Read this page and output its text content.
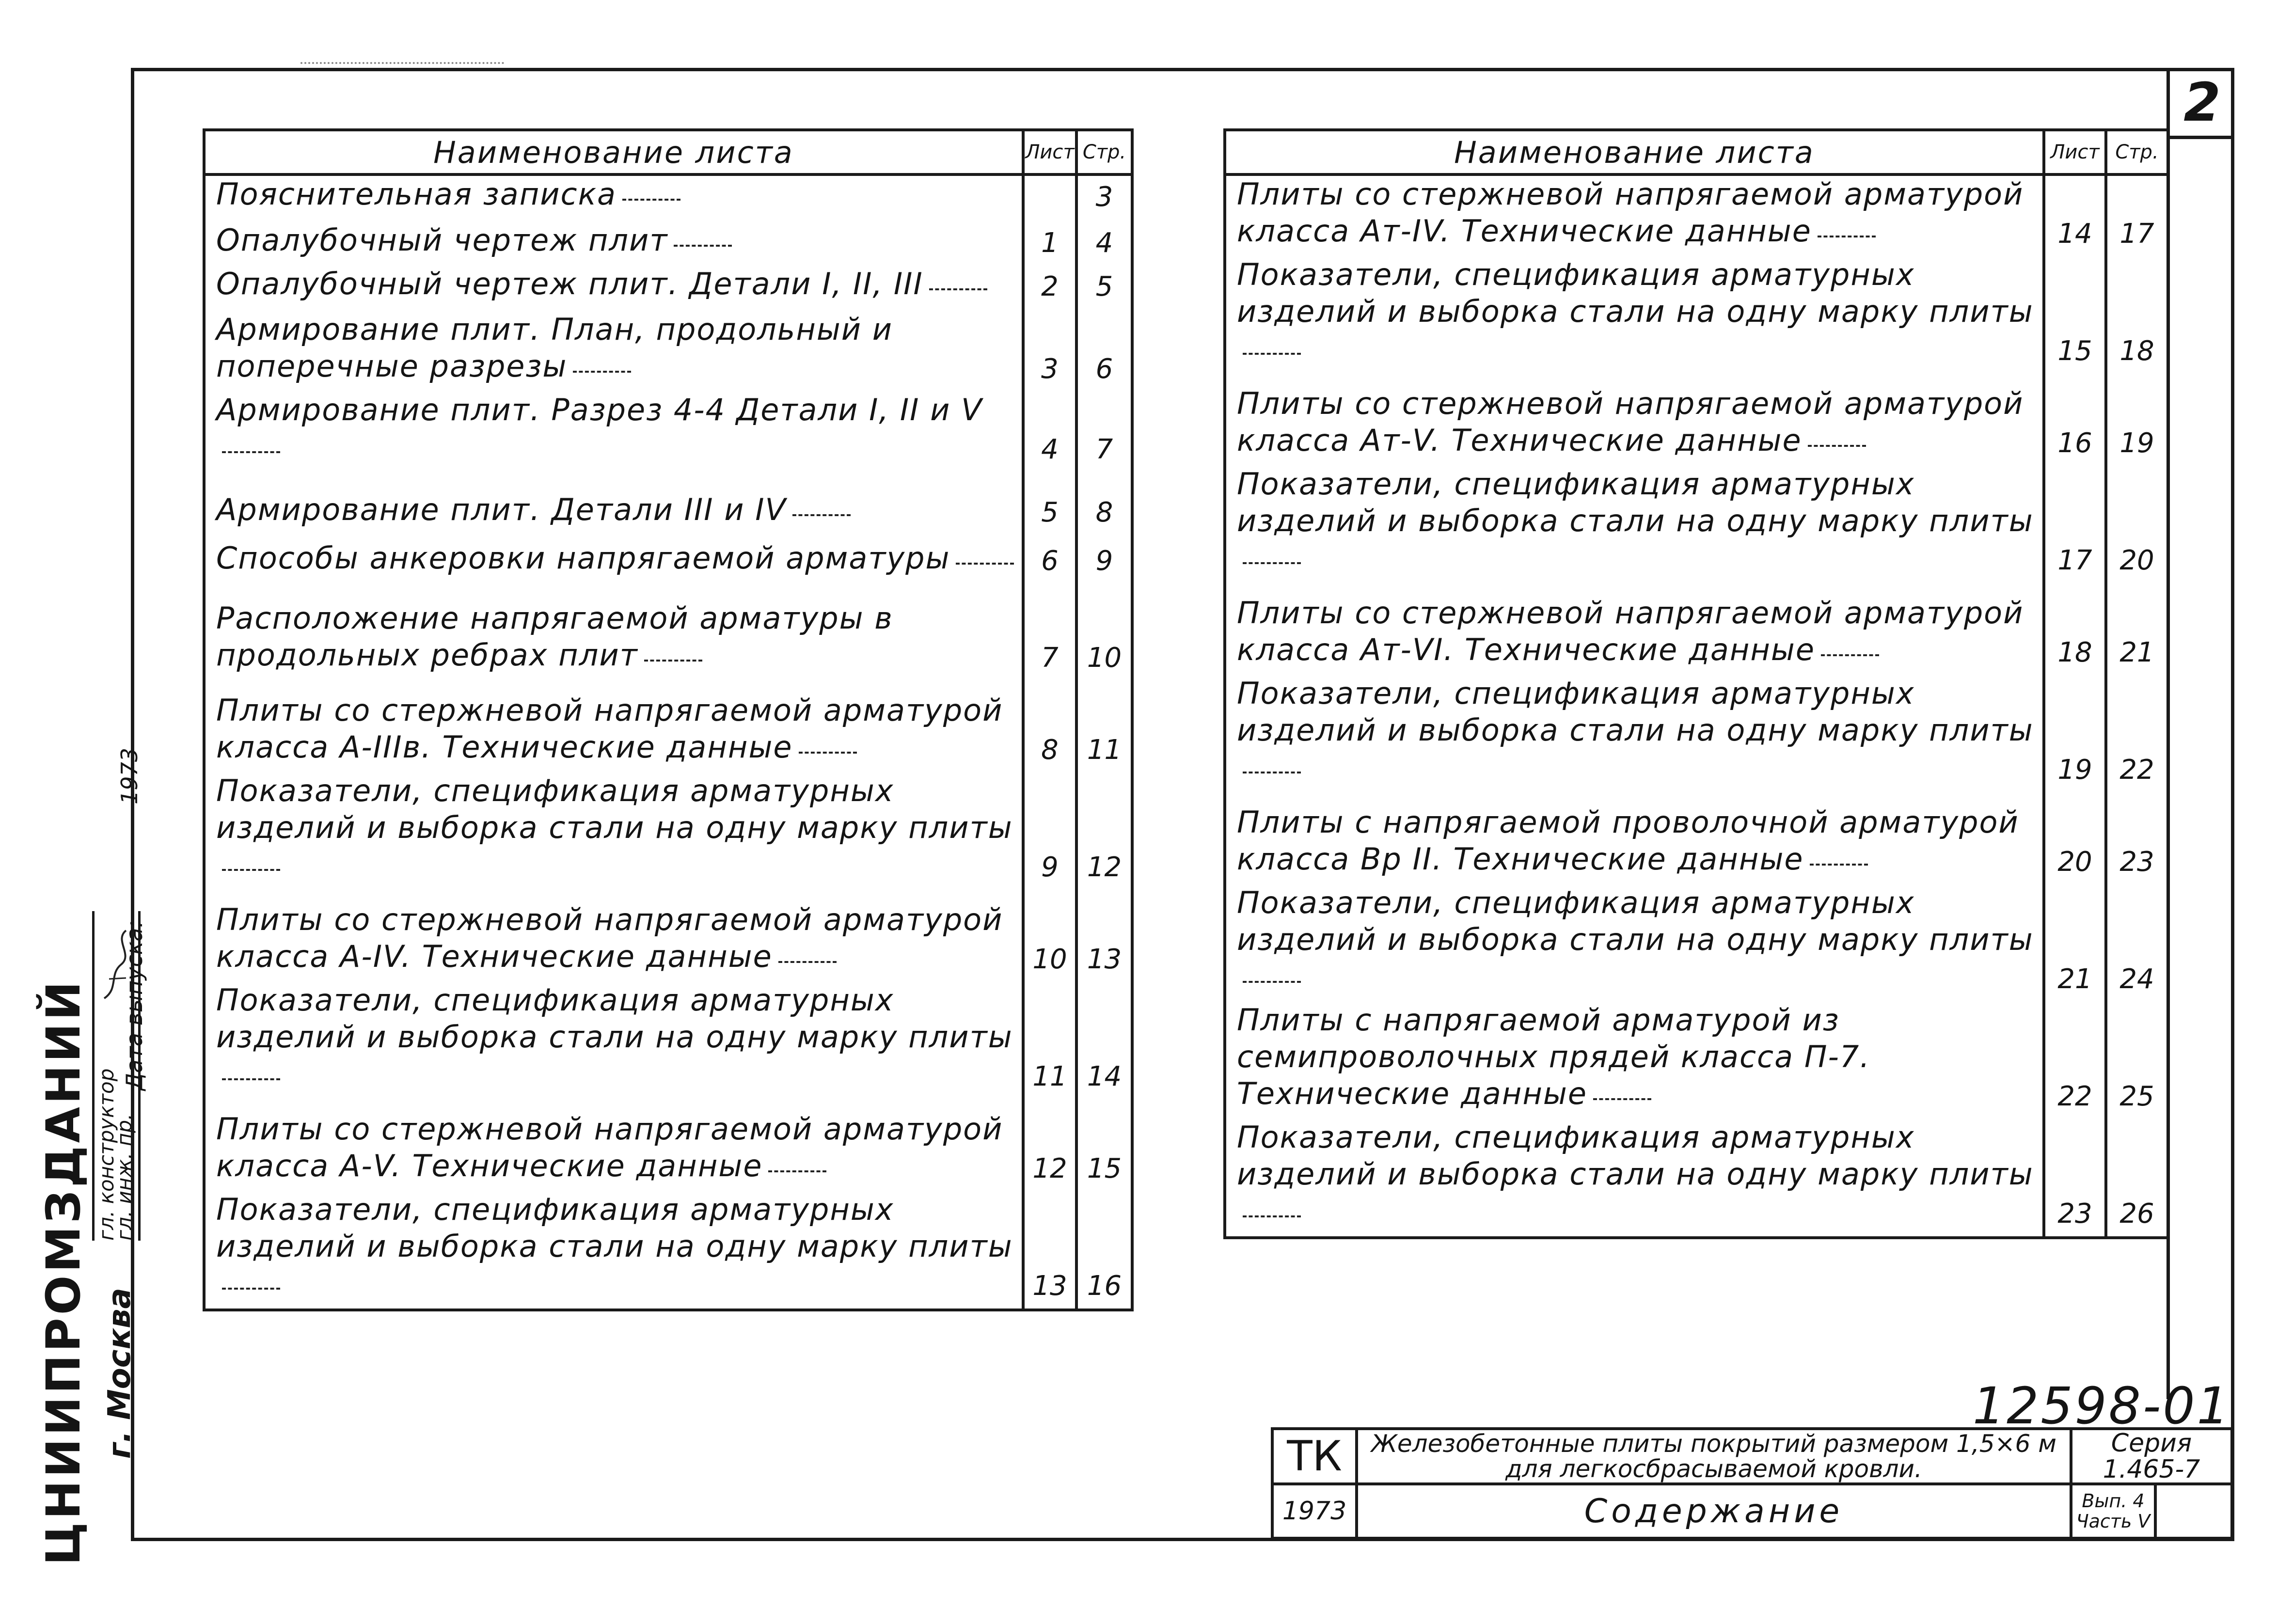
2
Наименование листа	Лист	Стр.
Пояснительная записка		3
Опалубочный чертеж плит	1	4
Опалубочный чертеж плит. Детали I, II, III	2	5
Армирование плит. План, продольный и поперечные разрезы	3	6
Армирование плит. Разрез 4-4 Детали I, II и V	4	7
Армирование плит. Детали III и IV	5	8
Способы анкеровки напрягаемой арматуры	6	9
Расположение напрягаемой арматуры в продольных ребрах плит	7	10
Плиты со стержневой напрягаемой арматурой класса А-IIIв. Технические данные	8	11
Показатели, спецификация арматурных изделий и выборка стали на одну марку плиты	9	12
Плиты со стержневой напрягаемой арматурой класса А-IV. Технические данные	10	13
Показатели, спецификация арматурных изделий и выборка стали на одну марку плиты	11	14
Плиты со стержневой напрягаемой арматурой класса А-V. Технические данные	12	15
Показатели, спецификация арматурных изделий и выборка стали на одну марку плиты	13	16
Наименование листа	Лист	Стр.
Плиты со стержневой напрягаемой арматурой класса Ат-IV. Технические данные	14	17
Показатели, спецификация арматурных изделий и выборка стали на одну марку плиты	15	18
Плиты со стержневой напрягаемой арматурой класса Ат-V. Технические данные	16	19
Показатели, спецификация арматурных изделий и выборка стали на одну марку плиты	17	20
Плиты со стержневой напрягаемой арматурой класса Ат-VI. Технические данные	18	21
Показатели, спецификация арматурных изделий и выборка стали на одну марку плиты	19	22
Плиты с напрягаемой проволочной арматурой класса Вр II. Технические данные	20	23
Показатели, спецификация арматурных изделий и выборка стали на одну марку плиты	21	24
Плиты с напрягаемой арматурой из семипроволочных прядей класса П-7. Технические данные	22	25
Показатели, спецификация арматурных изделий и выборка стали на одну марку плиты	23	26
ЦНИИПРОМЗДАНИЙ г. Москва
гл. конструктор
гл. инж. пр.
Дата выпуска:
1973
12598-01
ТК	Железобетонные плиты покрытий размером 1,5×6 м
для легкосбрасываемой кровли.
Серия
1.465-7
1973	Содержание	Вып. 4
Часть V
